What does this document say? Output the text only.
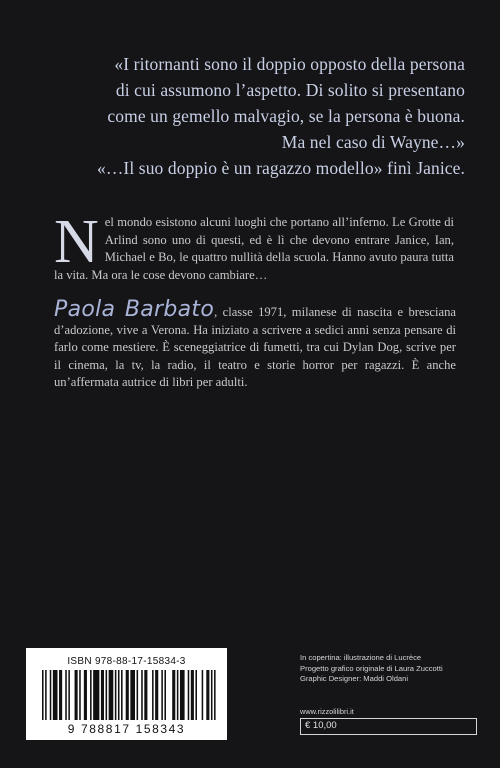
«I ritornanti sono il doppio opposto della persona
di cui assumono l’aspetto. Di solito si presentano
come un gemello malvagio, se la persona è buona.
Ma nel caso di Wayne…»
«…Il suo doppio è un ragazzo modello» finì Janice.
N el mondo esistono alcuni luoghi che portano all’inferno. Le Grotte di Arlind sono uno di questi, ed è lì che devono entrare Janice, Ian, Michael e Bo, le quattro nullità della scuola. Hanno avuto paura tutta la vita. Ma ora le cose devono cambiare…
Paola Barbato, classe 1971, milanese di nascita e bresciana d’adozione, vive a Verona. Ha iniziato a scrivere a sedici anni senza pensare di farlo come mestiere. È sceneggiatrice di fumetti, tra cui Dylan Dog, scrive per il cinema, la tv, la radio, il teatro e storie horror per ragazzi. È anche un’affermata autrice di libri per adulti.
ISBN 978-88-17-15834-3
9 788817 158343
In copertina: illustrazione di Lucrèce
Progetto grafico originale di Laura Zuccotti
Graphic Designer: Maddi Oldani
www.rizzolilibri.it
€ 10,00
